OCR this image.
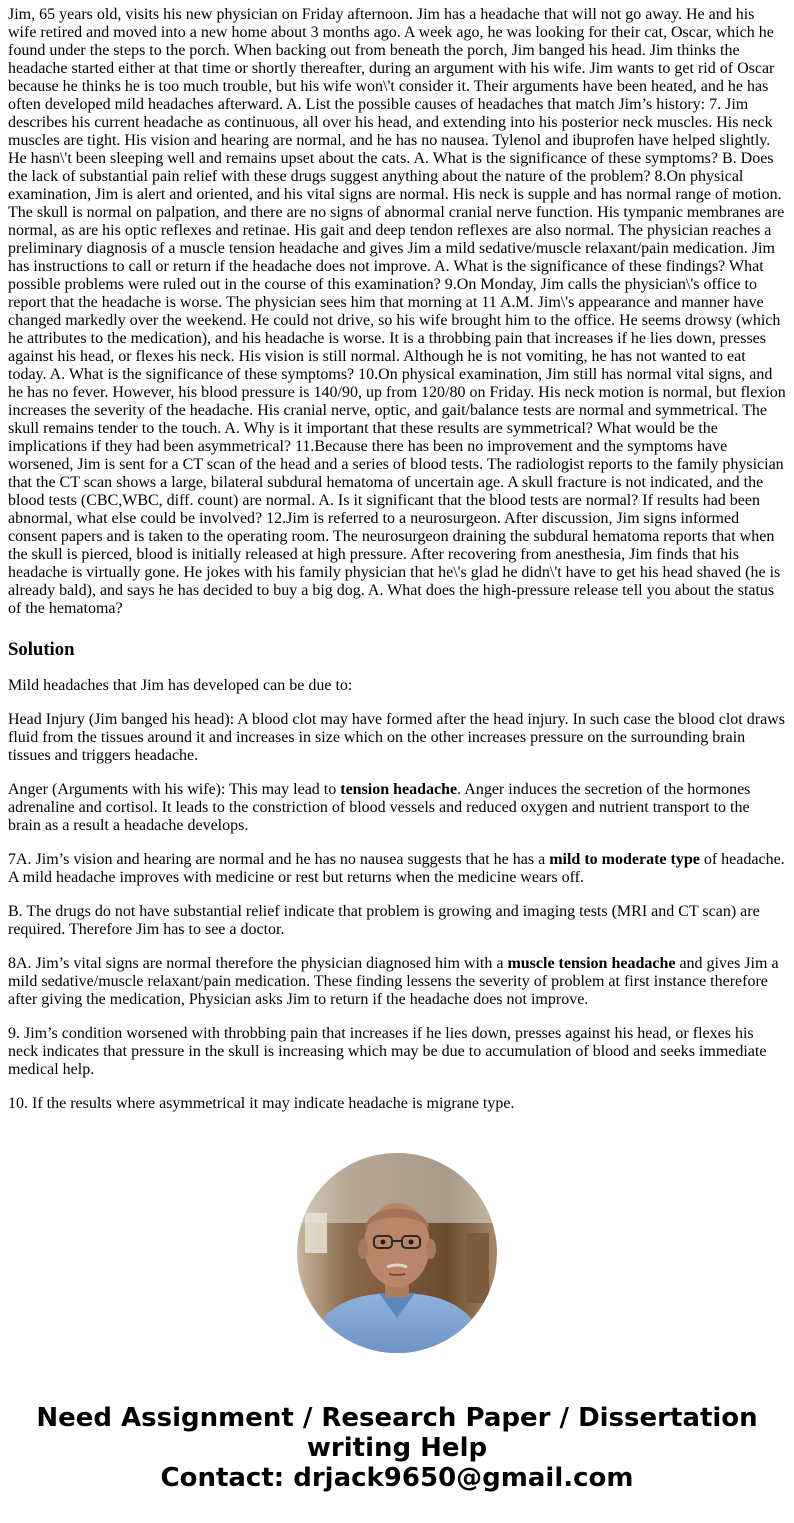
Jim, 65 years old, visits his new physician on Friday afternoon. Jim has a headache that will not go away. He and his wife retired and moved into a new home about 3 months ago. A week ago, he was looking for their cat, Oscar, which he found under the steps to the porch. When backing out from beneath the porch, Jim banged his head. Jim thinks the headache started either at that time or shortly thereafter, during an argument with his wife. Jim wants to get rid of Oscar because he thinks he is too much trouble, but his wife won\'t consider it. Their arguments have been heated, and he has often developed mild headaches afterward. A. List the possible causes of headaches that match Jim’s history: 7. Jim describes his current headache as continuous, all over his head, and extending into his posterior neck muscles. His neck muscles are tight. His vision and hearing are normal, and he has no nausea. Tylenol and ibuprofen have helped slightly. He hasn\'t been sleeping well and remains upset about the cats. A. What is the significance of these symptoms? B. Does the lack of substantial pain relief with these drugs suggest anything about the nature of the problem? 8.On physical examination, Jim is alert and oriented, and his vital signs are normal. His neck is supple and has normal range of motion. The skull is normal on palpation, and there are no signs of abnormal cranial nerve function. His tympanic membranes are normal, as are his optic reflexes and retinae. His gait and deep tendon reflexes are also normal. The physician reaches a preliminary diagnosis of a muscle tension headache and gives Jim a mild sedative/muscle relaxant/pain medication. Jim has instructions to call or return if the headache does not improve. A. What is the significance of these findings? What possible problems were ruled out in the course of this examination? 9.On Monday, Jim calls the physician\'s office to report that the headache is worse. The physician sees him that morning at 11 A.M. Jim\'s appearance and manner have changed markedly over the weekend. He could not drive, so his wife brought him to the office. He seems drowsy (which he attributes to the medication), and his headache is worse. It is a throbbing pain that increases if he lies down, presses against his head, or flexes his neck. His vision is still normal. Although he is not vomiting, he has not wanted to eat today. A. What is the significance of these symptoms? 10.On physical examination, Jim still has normal vital signs, and he has no fever. However, his blood pressure is 140/90, up from 120/80 on Friday. His neck motion is normal, but flexion increases the severity of the headache. His cranial nerve, optic, and gait/balance tests are normal and symmetrical. The skull remains tender to the touch. A. Why is it important that these results are symmetrical? What would be the implications if they had been asymmetrical? 11.Because there has been no improvement and the symptoms have worsened, Jim is sent for a CT scan of the head and a series of blood tests. The radiologist reports to the family physician that the CT scan shows a large, bilateral subdural hematoma of uncertain age. A skull fracture is not indicated, and the blood tests (CBC,WBC, diff. count) are normal. A. Is it significant that the blood tests are normal? If results had been abnormal, what else could be involved? 12.Jim is referred to a neurosurgeon. After discussion, Jim signs informed consent papers and is taken to the operating room. The neurosurgeon draining the subdural hematoma reports that when the skull is pierced, blood is initially released at high pressure. After recovering from anesthesia, Jim finds that his headache is virtually gone. He jokes with his family physician that he\'s glad he didn\'t have to get his head shaved (he is already bald), and says he has decided to buy a big dog. A. What does the high-pressure release tell you about the status of the hematoma?

Solution

Mild headaches that Jim has developed can be due to:

Head Injury (Jim banged his head): A blood clot may have formed after the head injury. In such case the blood clot draws fluid from the tissues around it and increases in size which on the other increases pressure on the surrounding brain tissues and triggers headache.

Anger (Arguments with his wife): This may lead to tension headache. Anger induces the secretion of the hormones adrenaline and cortisol. It leads to the constriction of blood vessels and reduced oxygen and nutrient transport to the brain as a result a headache develops.

7A. Jim’s vision and hearing are normal and he has no nausea suggests that he has a mild to moderate type of headache. A mild headache improves with medicine or rest but returns when the medicine wears off.

B. The drugs do not have substantial relief indicate that problem is growing and imaging tests (MRI and CT scan) are required. Therefore Jim has to see a doctor.

8A. Jim’s vital signs are normal therefore the physician diagnosed him with a muscle tension headache and gives Jim a mild sedative/muscle relaxant/pain medication. These finding lessens the severity of problem at first instance therefore after giving the medication, Physician asks Jim to return if the headache does not improve.

9. Jim’s condition worsened with throbbing pain that increases if he lies down, presses against his head, or flexes his neck indicates that pressure in the skull is increasing which may be due to accumulation of blood and seeks immediate medical help.

10. If the results where asymmetrical it may indicate headache is migrane type.

Need Assignment / Research Paper / Dissertation
writing Help
Contact: drjack9650@gmail.com
